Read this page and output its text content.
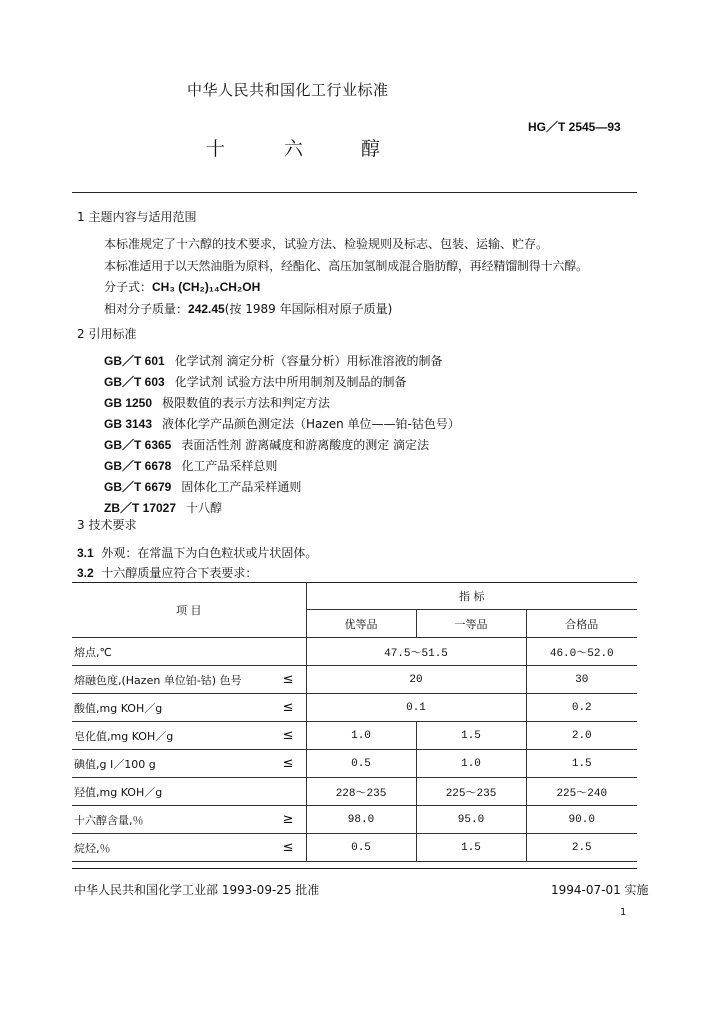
中华人民共和国化工行业标准
HG／T 2545—93
十	六	醇
1 主题内容与适用范围
本标准规定了十六醇的技术要求，试验方法、检验规则及标志、包装、运输、贮存。
本标准适用于以天然油脂为原料，经酯化、高压加氢制成混合脂肪醇，再经精馏制得十六醇。
分子式：CH₃ (CH₂)₁₄CH₂OH
相对分子质量：242.45(按 1989 年国际相对原子质量)
2 引用标准
GB／T 601 化学试剂 滴定分析（容量分析）用标准溶液的制备
GB／T 603 化学试剂 试验方法中所用制剂及制品的制备
GB 1250 极限数值的表示方法和判定方法
GB 3143 液体化学产品颜色测定法（Hazen 单位——铂-钴色号）
GB／T 6365 表面活性剂 游离碱度和游离酸度的测定 滴定法
GB／T 6678 化工产品采样总则
GB／T 6679 固体化工产品采样通则
ZB／T 17027 十八醇
3 技术要求
3.1 外观：在常温下为白色粒状或片状固体。
3.2 十六醇质量应符合下表要求：
项 目	指 标		
	优等品	一等品	合格品
熔点,℃	47.5～51.5		46.0～52.0
熔融色度,(Hazen 单位铂-钴) 色号 ≤	20		30
酸值,mg KOH／g ≤	0.1		0.2
皂化值,mg KOH／g ≤	1.0	1.5	2.0
碘值,g I／100 g ≤	0.5	1.0	1.5
羟值,mg KOH／g	228～235	225～235	225～240
十六醇含量,％ ≥	98.0	95.0	90.0
烷烃,％ ≤	0.5	1.5	2.5
中华人民共和国化学工业部 1993-09-25 批准	1994-07-01 实施
1
